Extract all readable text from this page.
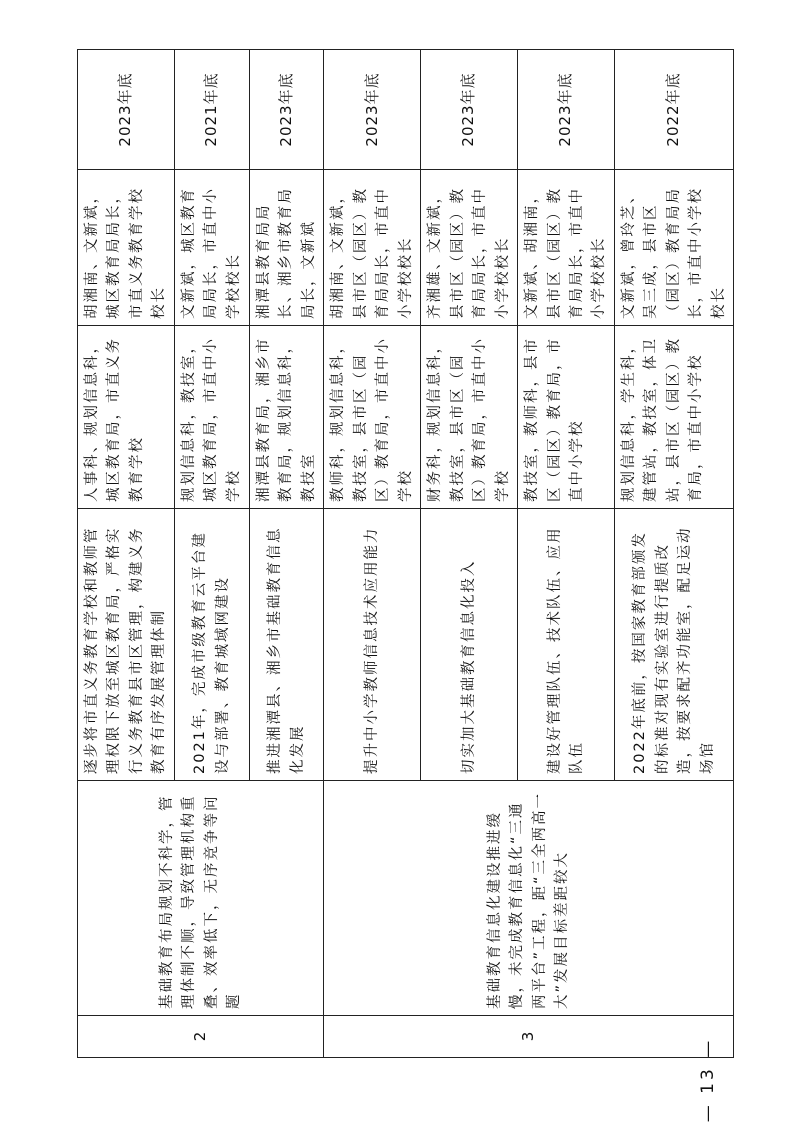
2	基础教育布局规划不科学，管理体制不顺，导致管理机构重叠、效率低下，无序竞争等问题	逐步将市直义务教育学校和教师管理权限下放至城区教育局，严格实行义务教育县市区管理，构建义务教育有序发展管理体制	人事科、规划信息科，城区教育局，市直义务教育学校	胡湘南、文新斌，城区教育局局长，市直义务教育学校校长	2023年底
		2021年，完成市级教育云平台建设与部署、教育城域网建设	规划信息科，教技室，城区教育局，市直中小学校	文新斌，城区教育局局长，市直中小学校校长	2021年底
		推进湘潭县、湘乡市基础教育信息化发展	湘潭县教育局，湘乡市教育局，规划信息科，教技室	湘潭县教育局局长、湘乡市教育局局长，文新斌	2023年底
3	基础教育信息化建设推进缓慢，未完成教育信息化“三通两平台”工程，距“三全两高一大”发展目标差距较大	提升中小学教师信息技术应用能力	教师科，规划信息科，教技室，县市区（园区）教育局，市直中小学校	胡湘南、文新斌，县市区（园区）教育局局长，市直中小学校校长	2023年底
		切实加大基础教育信息化投入	财务科，规划信息科，教技室，县市区（园区）教育局，市直中小学校	齐湘雄、文新斌，县市区（园区）教育局局长，市直中小学校校长	2023年底
		建设好管理队伍、技术队伍、应用队伍	教技室，教师科，县市区（园区）教育局，市直中小学校	文新斌、胡湘南，县市区（园区）教育局局长，市直中小学校校长	2023年底
		2022年底前，按国家教育部颁发的标准对现有实验室进行提质改造，按要求配齐功能室，配足运动场馆	规划信息科，学生科，建管站，教技室，体卫站，县市区（园区）教育局，市直中小学校	文新斌，曾玲芝、吴三成，县市区（园区）教育局局长，市直中小学校校长	2022年底
— 13 —
